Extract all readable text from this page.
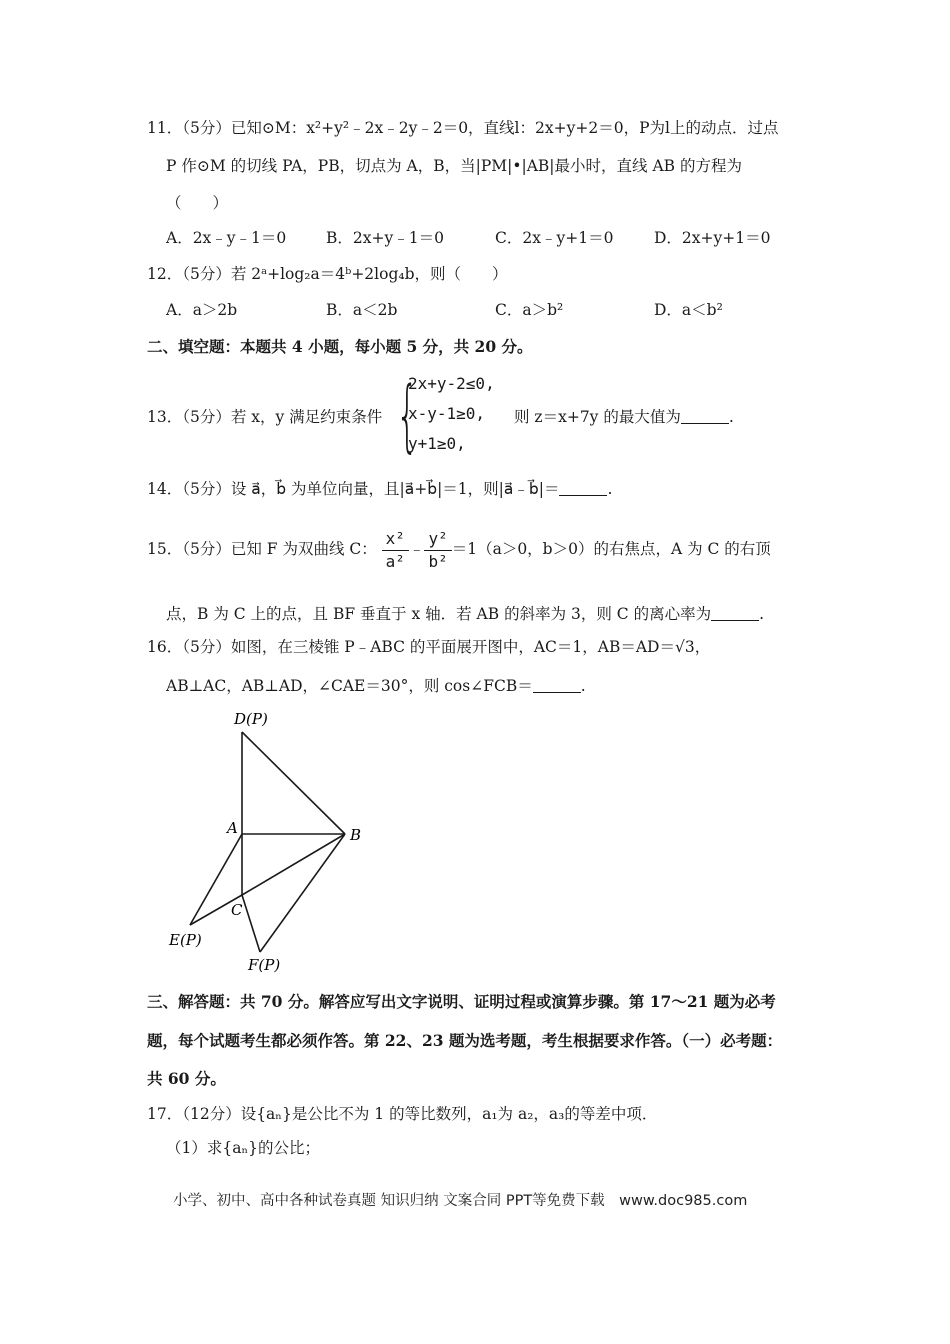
11．（5分）已知⊙M：x²+y²﹣2x﹣2y﹣2＝0，直线l：2x+y+2＝0，P为l上的动点．过点
P 作⊙M 的切线 PA，PB，切点为 A，B，当|PM|•|AB|最小时，直线 AB 的方程为
（　　）
A．2x﹣y﹣1＝0	B．2x+y﹣1＝0	C．2x﹣y+1＝0	D．2x+y+1＝0
12．（5分）若 2ᵃ+log₂a＝4ᵇ+2log₄b，则（　　）
A．a＞2b	B．a＜2b	C．a＞b²	D．a＜b²
二、填空题：本题共 4 小题，每小题 5 分，共 20 分。
13．（5分）若 x，y 满足约束条件 {
2x+y-2≤0,
x-y-1≥0,
y+1≥0,
则 z＝x+7y 的最大值为	.
14．（5分）设 a⃗，b⃗ 为单位向量，且|a⃗+b⃗|＝1，则|a⃗﹣b⃗|＝	.
15．（5分）已知 F 为双曲线 C： $\frac{\text{x²}}{\text{a²}}$ ﹣ $\frac{\text{y²}}{\text{b²}} =1(a>0$，b＞0）的右焦点，A 为 C 的右顶
点，B 为 C 上的点，且 BF 垂直于 x 轴．若 AB 的斜率为 3，则 C 的离心率为	.
16．（5分）如图，在三棱锥 P﹣ABC 的平面展开图中，AC＝1，AB＝AD＝√3，
AB⊥AC，AB⊥AD，∠CAE＝30°，则 cos∠FCB＝	.
D(P)
A	B
C
E(P)
F(P)
三、解答题：共 70 分。解答应写出文字说明、证明过程或演算步骤。第 17～21 题为必考
题，每个试题考生都必须作答。第 22、23 题为选考题，考生根据要求作答。（一）必考题：
共 60 分。
17．（12分）设{aₙ}是公比不为 1 的等比数列，a₁为 a₂，a₃的等差中项．
（1）求{aₙ}的公比；
小学、初中、高中各种试卷真题 知识归纳 文案合同 PPT等免费下载　www.doc985.com
